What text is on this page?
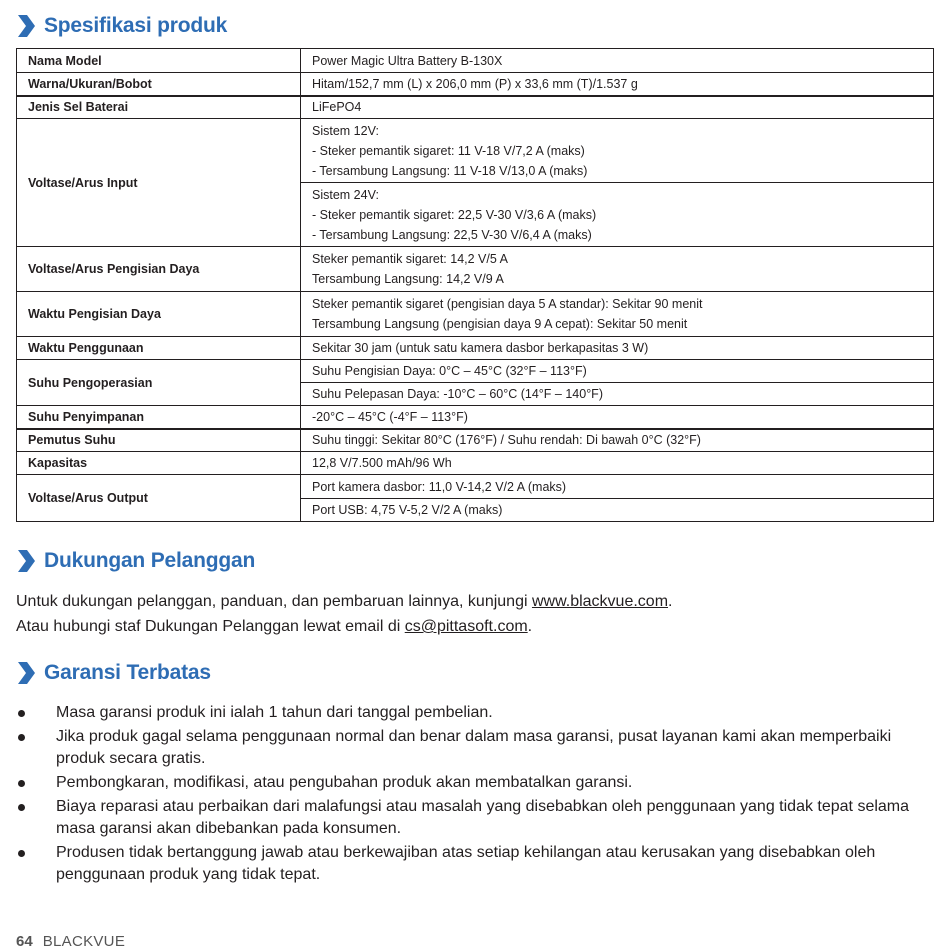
Spesifikasi produk
Nama Model	Power Magic Ultra Battery B-130X
Warna/Ukuran/Bobot	Hitam/152,7 mm (L) x 206,0 mm (P) x 33,6 mm (T)/1.537 g
Jenis Sel Baterai	LiFePO4
Voltase/Arus Input	Sistem 12V:
- Steker pemantik sigaret: 11 V-18 V/7,2 A (maks)
- Tersambung Langsung: 11 V-18 V/13,0 A (maks)

	Sistem 24V:
- Steker pemantik sigaret: 22,5 V-30 V/3,6 A (maks)
- Tersambung Langsung: 22,5 V-30 V/6,4 A (maks)

Voltase/Arus Pengisian Daya	Steker pemantik sigaret: 14,2 V/5 A
Tersambung Langsung: 14,2 V/9 A

Waktu Pengisian Daya	Steker pemantik sigaret (pengisian daya 5 A standar): Sekitar 90 menit
Tersambung Langsung (pengisian daya 9 A cepat): Sekitar 50 menit

Waktu Penggunaan	Sekitar 30 jam (untuk satu kamera dasbor berkapasitas 3 W)
Suhu Pengoperasian	Suhu Pengisian Daya: 0°C – 45°C (32°F – 113°F)
	Suhu Pelepasan Daya: -10°C – 60°C (14°F – 140°F)
Suhu Penyimpanan	-20°C – 45°C (-4°F – 113°F)
Pemutus Suhu	Suhu tinggi: Sekitar 80°C (176°F) / Suhu rendah: Di bawah 0°C (32°F)
Kapasitas	12,8 V/7.500 mAh/96 Wh
Voltase/Arus Output	Port kamera dasbor: 11,0 V-14,2 V/2 A (maks)
	Port USB: 4,75 V-5,2 V/2 A (maks)
Dukungan Pelanggan
Untuk dukungan pelanggan, panduan, dan pembaruan lainnya, kunjungi www.blackvue.com.
Atau hubungi staf Dukungan Pelanggan lewat email di cs@pittasoft.com.
Garansi Terbatas
Masa garansi produk ini ialah 1 tahun dari tanggal pembelian.
Jika produk gagal selama penggunaan normal dan benar dalam masa garansi, pusat layanan kami akan memperbaiki produk secara gratis.
Pembongkaran, modifikasi, atau pengubahan produk akan membatalkan garansi.
Biaya reparasi atau perbaikan dari malafungsi atau masalah yang disebabkan oleh penggunaan yang tidak tepat selama masa garansi akan dibebankan pada konsumen.
Produsen tidak bertanggung jawab atau berkewajiban atas setiap kehilangan atau kerusakan yang disebabkan oleh penggunaan produk yang tidak tepat.
64 BLACKVUE
